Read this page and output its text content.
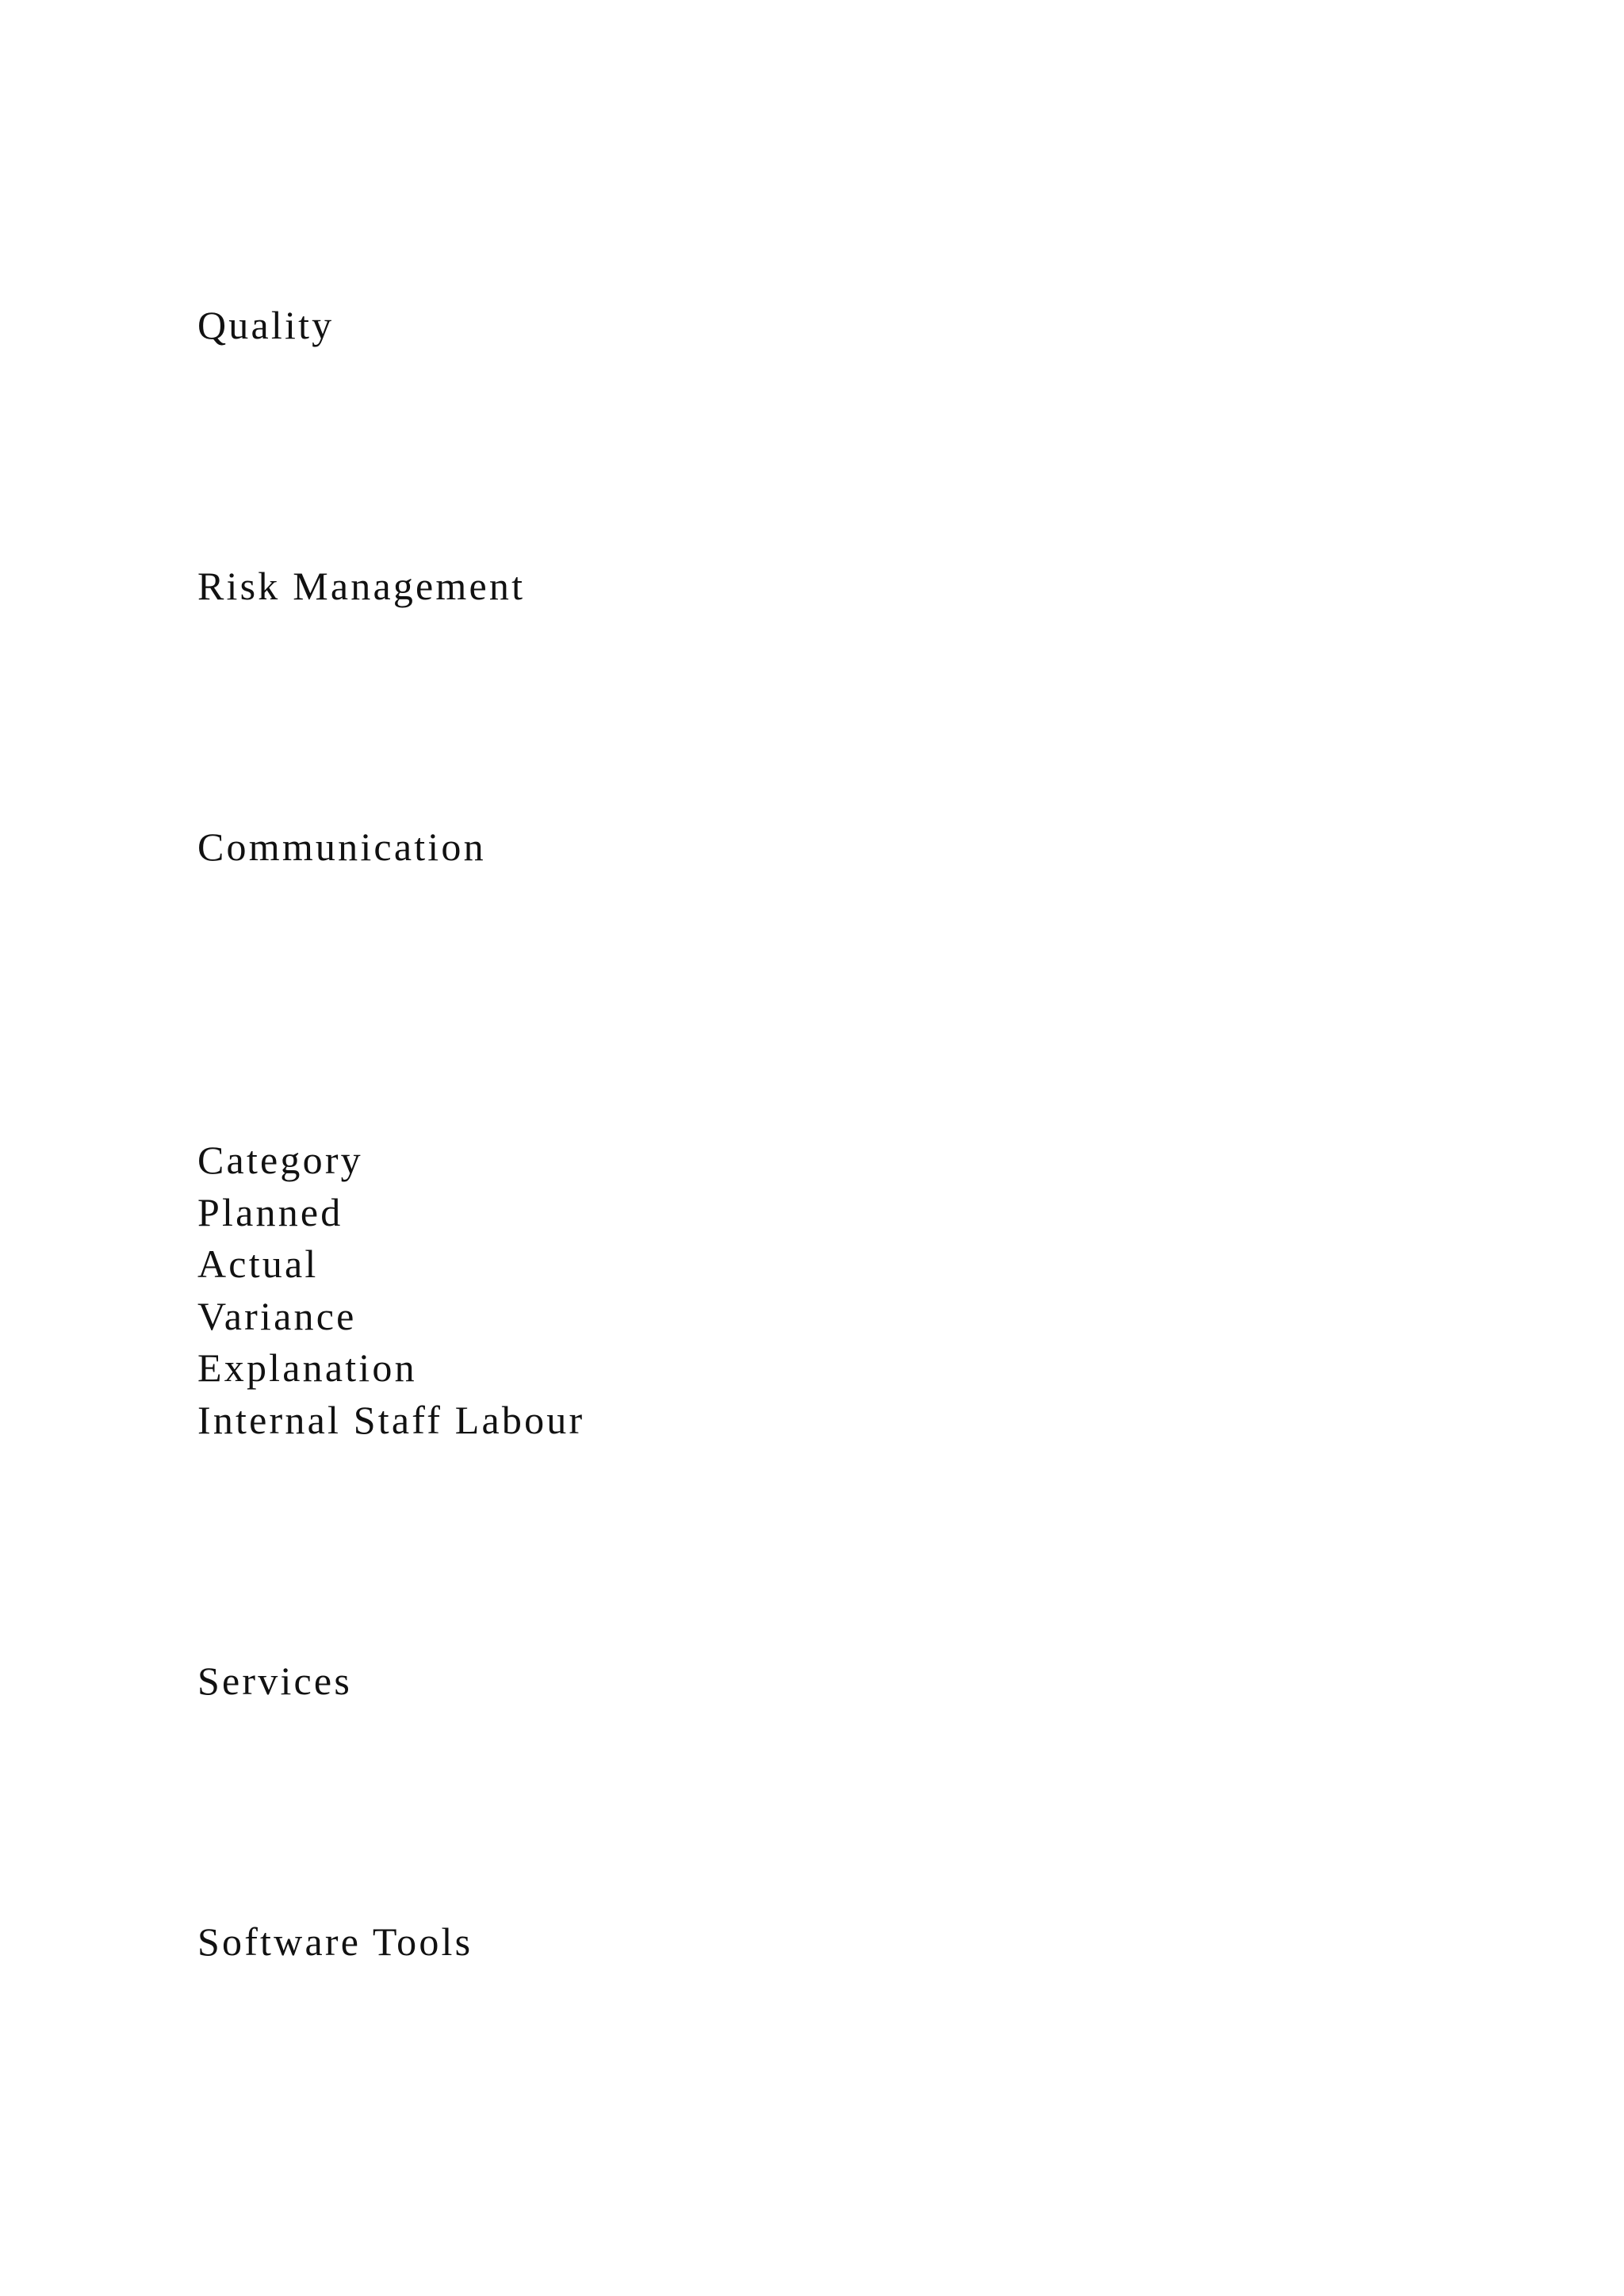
Quality

Risk Management

Communication

Category

Planned

Actual

Variance

Explanation

Internal Staff Labour

Services

Software Tools
